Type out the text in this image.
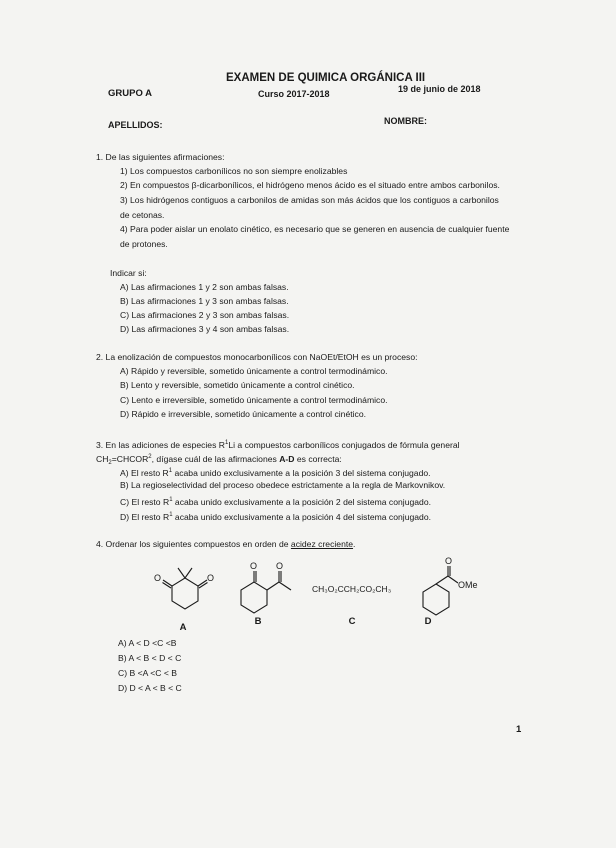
EXAMEN DE QUIMICA ORGÁNICA III
GRUPO A	Curso 2017-2018	19 de junio de 2018
APELLIDOS:	NOMBRE:
1. De las siguientes afirmaciones:
1) Los compuestos carbonílicos no son siempre enolizables
2) En compuestos β-dicarbonílicos, el hidrógeno menos ácido es el situado entre ambos carbonilos.
3) Los hidrógenos contiguos a carbonilos de amidas son más ácidos que los contiguos a carbonilos
de cetonas.
4) Para poder aislar un enolato cinético, es necesario que se generen en ausencia de cualquier fuente
de protones.
Indicar si:
A) Las afirmaciones 1 y 2 son ambas falsas.
B) Las afirmaciones 1 y 3 son ambas falsas.
C) Las afirmaciones 2 y 3 son ambas falsas.
D) Las afirmaciones 3 y 4 son ambas falsas.
2. La enolización de compuestos monocarbonílicos con NaOEt/EtOH es un proceso:
A) Rápido y reversible, sometido únicamente a control termodinámico.
B) Lento y reversible, sometido únicamente a control cinético.
C) Lento e irreversible, sometido únicamente a control termodinámico.
D) Rápido e irreversible, sometido únicamente a control cinético.
3. En las adiciones de especies $R^1Li$ a compuestos carbonílicos conjugados de fórmula general
$CH_2=CHCOR^2$, dígase cuál de las afirmaciones A-D es correcta:
A) El resto $R^1$ acaba unido exclusivamente a la posición 3 del sistema conjugado.
B) La regioselectividad del proceso obedece estrictamente a la regla de Markovnikov.
C) El resto $R^1$ acaba unido exclusivamente a la posición 2 del sistema conjugado.
D) El resto $R^1$ acaba unido exclusivamente a la posición 4 del sistema conjugado.
4. Ordenar los siguientes compuestos en orden de acidez creciente.
O
O
A
O O
B
CH₃O₂CCH₂CO₂CH₃
C
O
OMe
D
A) A < D <C <B
B) A < B < D < C
C) B <A <C < B
D) D < A < B < C
1
